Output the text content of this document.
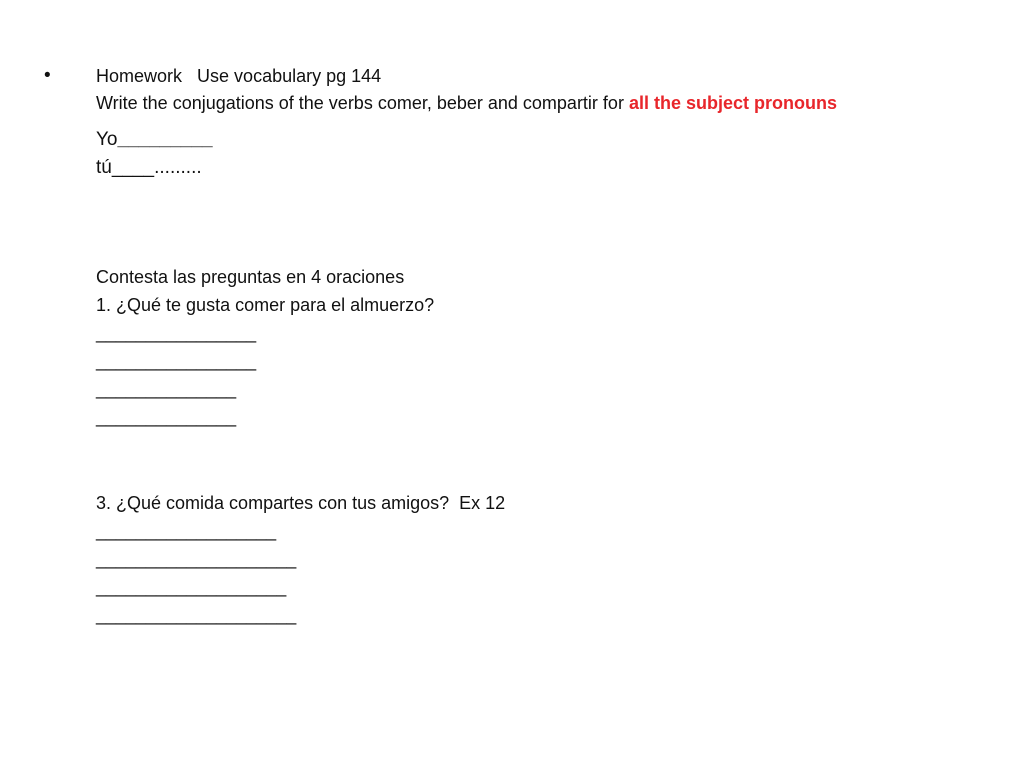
•	Homework Use vocabulary pg 144

Write the conjugations of the verbs comer, beber and compartir for all the subject pronouns

Yo_________

tú____.........

Contesta las preguntas en 4 oraciones

1. ¿Qué te gusta comer para el almuerzo?

________________

________________

______________

______________

3. ¿Qué comida compartes con tus amigos?  Ex 12

__________________

____________________

___________________

____________________
